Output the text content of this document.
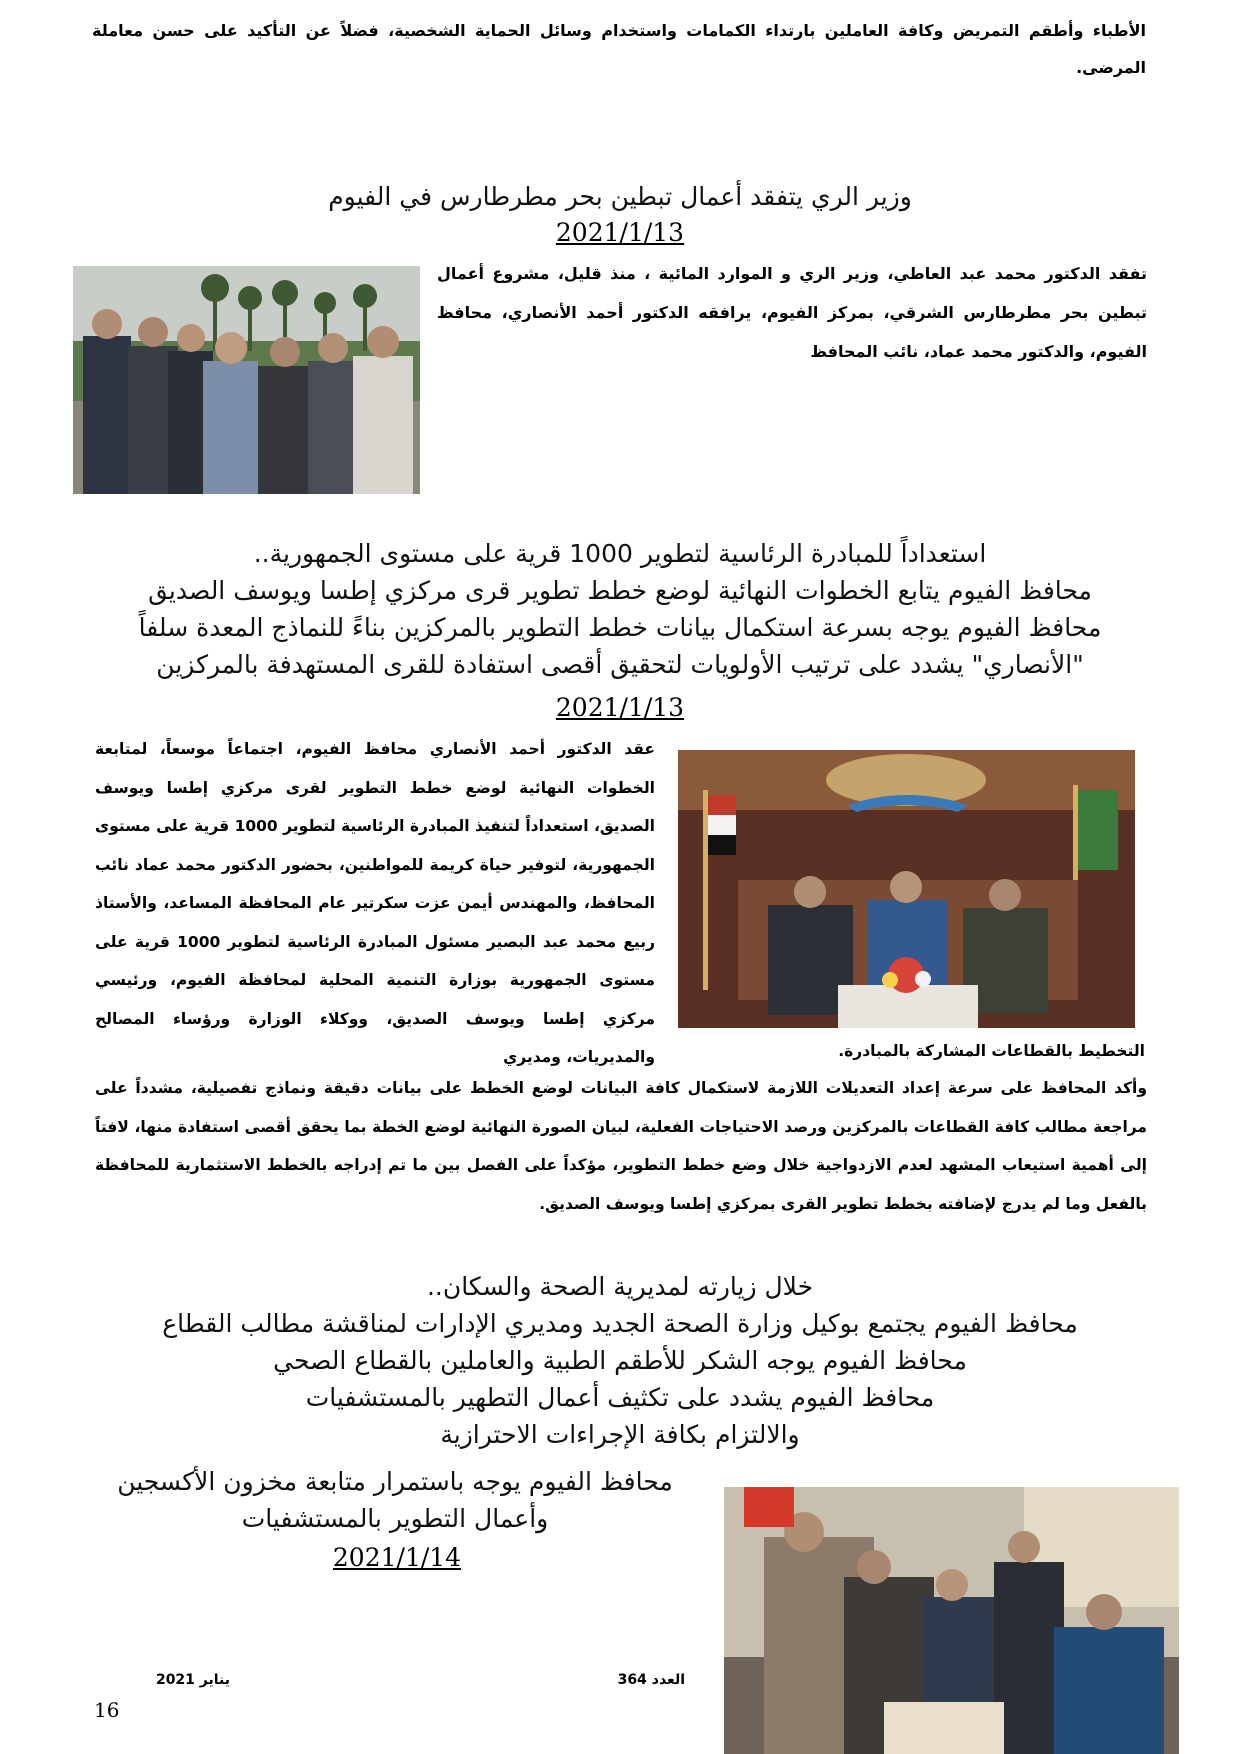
الأطباء وأطقم التمريض وكافة العاملين بارتداء الكمامات واستخدام وسائل الحماية الشخصية، فضلاً عن التأكيد على حسن معاملة المرضى.
وزير الري يتفقد أعمال تبطين بحر مطرطارس في الفيوم
2021/1/13
تفقد الدكتور محمد عبد العاطي، وزير الري و الموارد المائية ، منذ قليل، مشروع أعمال تبطين بحر مطرطارس الشرقي، بمركز الفيوم، يرافقه الدكتور أحمد الأنصاري، محافظ الفيوم، والدكتور محمد عماد، نائب المحافظ
استعداداً للمبادرة الرئاسية لتطوير 1000 قرية على مستوى الجمهورية..
محافظ الفيوم يتابع الخطوات النهائية لوضع خطط تطوير قرى مركزي إطسا ويوسف الصديق
محافظ الفيوم يوجه بسرعة استكمال بيانات خطط التطوير بالمركزين بناءً للنماذج المعدة سلفاً
"الأنصاري" يشدد على ترتيب الأولويات لتحقيق أقصى استفادة للقرى المستهدفة بالمركزين
2021/1/13
عقد الدكتور أحمد الأنصاري محافظ الفيوم، اجتماعاً موسعاً، لمتابعة الخطوات النهائية لوضع خطط التطوير لقرى مركزي إطسا ويوسف الصديق، استعداداً لتنفيذ المبادرة الرئاسية لتطوير 1000 قرية على مستوى الجمهورية، لتوفير حياة كريمة للمواطنين، بحضور الدكتور محمد عماد نائب المحافظ، والمهندس أيمن عزت سكرتير عام المحافظة المساعد، والأستاذ ربيع محمد عبد البصير مسئول المبادرة الرئاسية لتطوير 1000 قرية على مستوى الجمهورية بوزارة التنمية المحلية لمحافظة الفيوم، ورئيسي مركزي إطسا ويوسف الصديق، ووكلاء الوزارة ورؤساء المصالح والمديريات، ومديري	التخطيط بالقطاعات المشاركة بالمبادرة.
وأكد المحافظ على سرعة إعداد التعديلات اللازمة لاستكمال كافة البيانات لوضع الخطط على بيانات دقيقة ونماذج تفصيلية، مشدداً على مراجعة مطالب كافة القطاعات بالمركزين ورصد الاحتياجات الفعلية، لبيان الصورة النهائية لوضع الخطة بما يحقق أقصى استفادة منها، لافتاً إلى أهمية استيعاب المشهد لعدم الازدواجية خلال وضع خطط التطوير، مؤكداً على الفصل بين ما تم إدراجه بالخطط الاستثمارية للمحافظة بالفعل وما لم يدرج لإضافته بخطط تطوير القرى بمركزي إطسا ويوسف الصديق.
خلال زيارته لمديرية الصحة والسكان..
محافظ الفيوم يجتمع بوكيل وزارة الصحة الجديد ومديري الإدارات لمناقشة مطالب القطاع
محافظ الفيوم يوجه الشكر للأطقم الطبية والعاملين بالقطاع الصحي
محافظ الفيوم يشدد على تكثيف أعمال التطهير بالمستشفيات والالتزام بكافة الإجراءات الاحترازية
محافظ الفيوم يوجه باستمرار متابعة مخزون الأكسجين وأعمال التطوير بالمستشفيات
2021/1/14
العدد 364
يناير 2021
16
